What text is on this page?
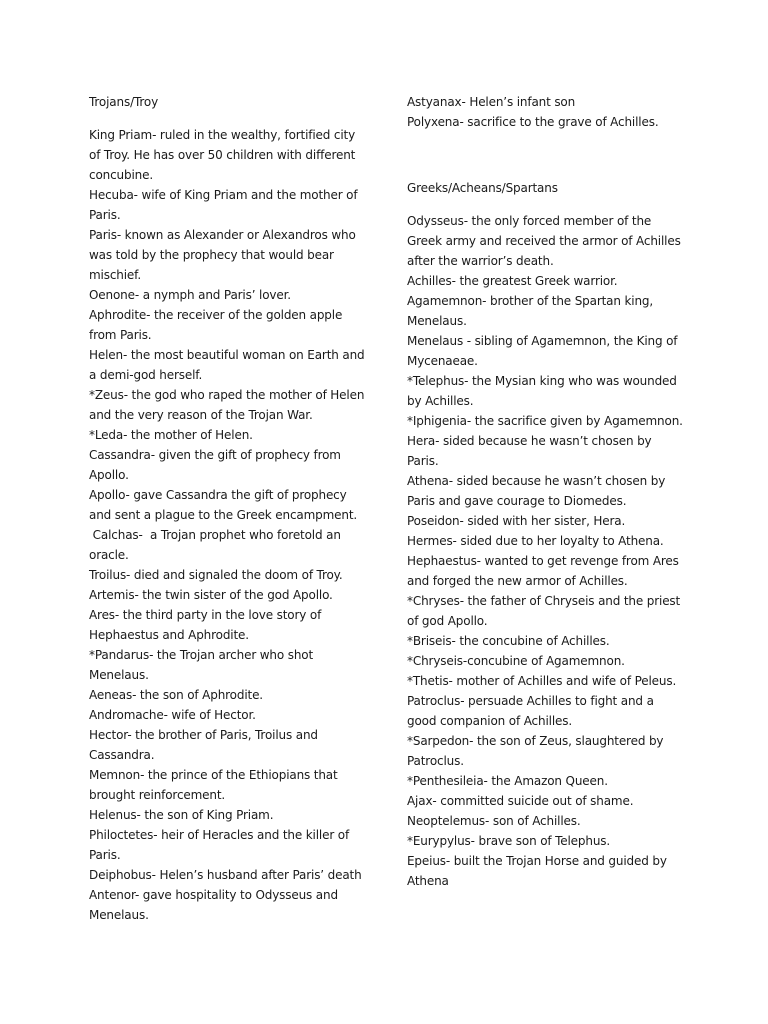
Trojans/Troy

King Priam- ruled in the wealthy, fortified city of Troy. He has over 50 children with different concubine.

Hecuba- wife of King Priam and the mother of Paris.

Paris- known as Alexander or Alexandros who was told by the prophecy that would bear mischief.

Oenone- a nymph and Paris’ lover.

Aphrodite- the receiver of the golden apple from Paris.

Helen- the most beautiful woman on Earth and a demi-god herself.

*Zeus- the god who raped the mother of Helen and the very reason of the Trojan War.

*Leda- the mother of Helen.

Cassandra- given the gift of prophecy from Apollo.

Apollo- gave Cassandra the gift of prophecy and sent a plague to the Greek encampment.

Calchas-  a Trojan prophet who foretold an oracle.

Troilus- died and signaled the doom of Troy.

Artemis- the twin sister of the god Apollo.

Ares- the third party in the love story of Hephaestus and Aphrodite.

*Pandarus- the Trojan archer who shot Menelaus.

Aeneas- the son of Aphrodite.

Andromache- wife of Hector.

Hector- the brother of Paris, Troilus and Cassandra.

Memnon- the prince of the Ethiopians that brought reinforcement.

Helenus- the son of King Priam.

Philoctetes- heir of Heracles and the killer of Paris.

Deiphobus- Helen’s husband after Paris’ death

Antenor- gave hospitality to Odysseus and Menelaus.

Astyanax- Helen’s infant son

Polyxena- sacrifice to the grave of Achilles.

Greeks/Acheans/Spartans

Odysseus- the only forced member of the Greek army and received the armor of Achilles after the warrior’s death.

Achilles- the greatest Greek warrior.

Agamemnon- brother of the Spartan king, Menelaus.

Menelaus - sibling of Agamemnon, the King of Mycenaeae.

*Telephus- the Mysian king who was wounded by Achilles.

*Iphigenia- the sacrifice given by Agamemnon.

Hera- sided because he wasn’t chosen by Paris.

Athena- sided because he wasn’t chosen by Paris and gave courage to Diomedes.

Poseidon- sided with her sister, Hera.

Hermes- sided due to her loyalty to Athena.

Hephaestus- wanted to get revenge from Ares and forged the new armor of Achilles.

*Chryses- the father of Chryseis and the priest of god Apollo.

*Briseis- the concubine of Achilles.

*Chryseis-concubine of Agamemnon.

*Thetis- mother of Achilles and wife of Peleus.

Patroclus- persuade Achilles to fight and a good companion of Achilles.

*Sarpedon- the son of Zeus, slaughtered by Patroclus.

*Penthesileia- the Amazon Queen.

Ajax- committed suicide out of shame.

Neoptelemus- son of Achilles.

*Eurypylus- brave son of Telephus.

Epeius- built the Trojan Horse and guided by Athena
